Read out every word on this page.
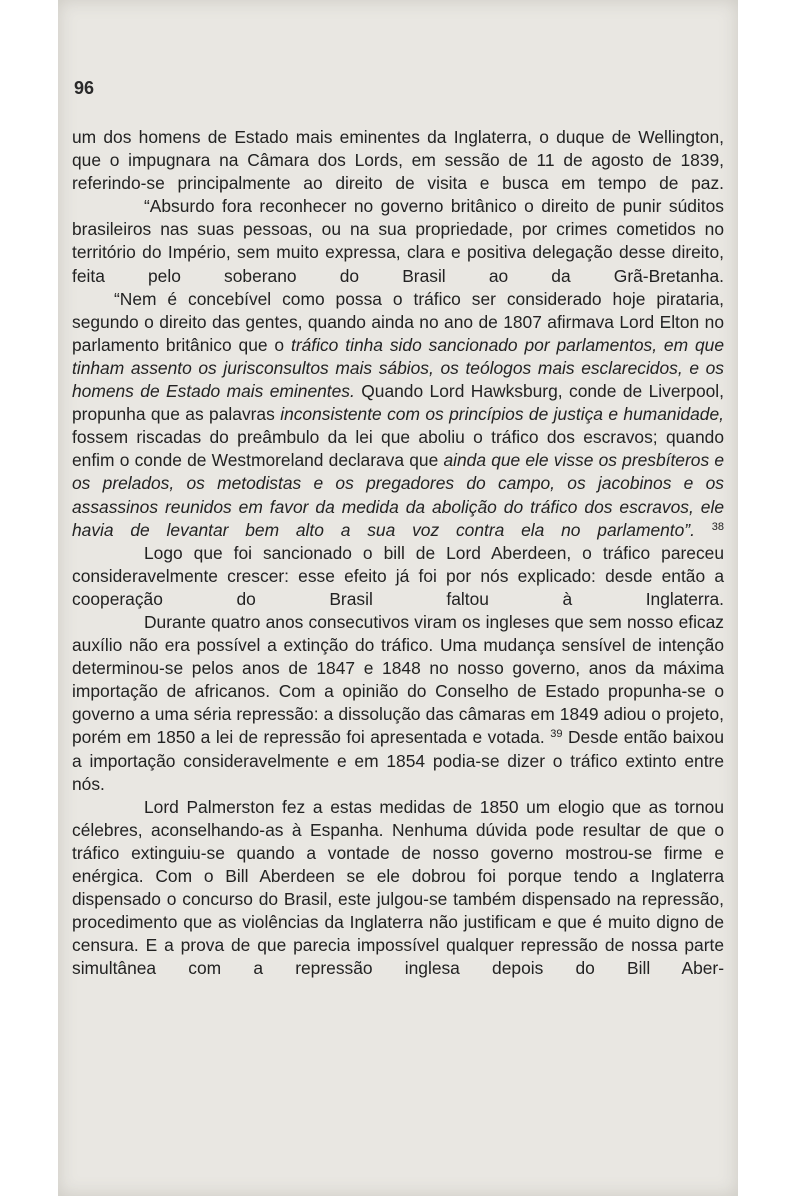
96

um dos homens de Estado mais eminentes da Inglaterra, o duque de Wellington, que o impugnara na Câmara dos Lords, em sessão de 11 de agosto de 1839, referindo-se principalmente ao direito de visita e busca em tempo de paz.

“Absurdo fora reconhecer no governo britânico o direito de punir súditos brasileiros nas suas pessoas, ou na sua propriedade, por crimes cometidos no território do Império, sem muito expressa, clara e positiva delegação desse direito, feita pelo soberano do Brasil ao da Grã-Bretanha.

“Nem é concebível como possa o tráfico ser considerado hoje pirataria, segundo o direito das gentes, quando ainda no ano de 1807 afirmava Lord Elton no parlamento britânico que o tráfico tinha sido sancionado por parlamentos, em que tinham assento os jurisconsultos mais sábios, os teólogos mais esclarecidos, e os homens de Estado mais eminentes. Quando Lord Hawksburg, conde de Liverpool, propunha que as palavras inconsistente com os princípios de justiça e humanidade, fossem riscadas do preâmbulo da lei que aboliu o tráfico dos escravos; quando enfim o conde de Westmoreland declarava que ainda que ele visse os presbíteros e os prelados, os metodistas e os pregadores do campo, os jacobinos e os assassinos reunidos em favor da medida da abolição do tráfico dos escravos, ele havia de levantar bem alto a sua voz contra ela no parlamento”. $^{38}$

Logo que foi sancionado o bill de Lord Aberdeen, o tráfico pareceu consideravelmente crescer: esse efeito já foi por nós explicado: desde então a cooperação do Brasil faltou à Inglaterra.

Durante quatro anos consecutivos viram os ingleses que sem nosso eficaz auxílio não era possível a extinção do tráfico. Uma mudança sensível de intenção determinou-se pelos anos de 1847 e 1848 no nosso governo, anos da máxima importação de africanos. Com a opinião do Conselho de Estado propunha-se o governo a uma séria repressão: a dissolução das câmaras em 1849 adiou o projeto, porém em 1850 a lei de repressão foi apresentada e votada. $^{39}$ Desde então baixou a importação consideravelmente e em 1854 podia-se dizer o tráfico extinto entre nós.

Lord Palmerston fez a estas medidas de 1850 um elogio que as tornou célebres, aconselhando-as à Espanha. Nenhuma dúvida pode resultar de que o tráfico extinguiu-se quando a vontade de nosso governo mostrou-se firme e enérgica. Com o Bill Aberdeen se ele dobrou foi porque tendo a Inglaterra dispensado o concurso do Brasil, este julgou-se também dispensado na repressão, procedimento que as violências da Inglaterra não justificam e que é muito digno de censura. E a prova de que parecia impossível qualquer repressão de nossa parte simultânea com a repressão inglesa depois do Bill Aber-
